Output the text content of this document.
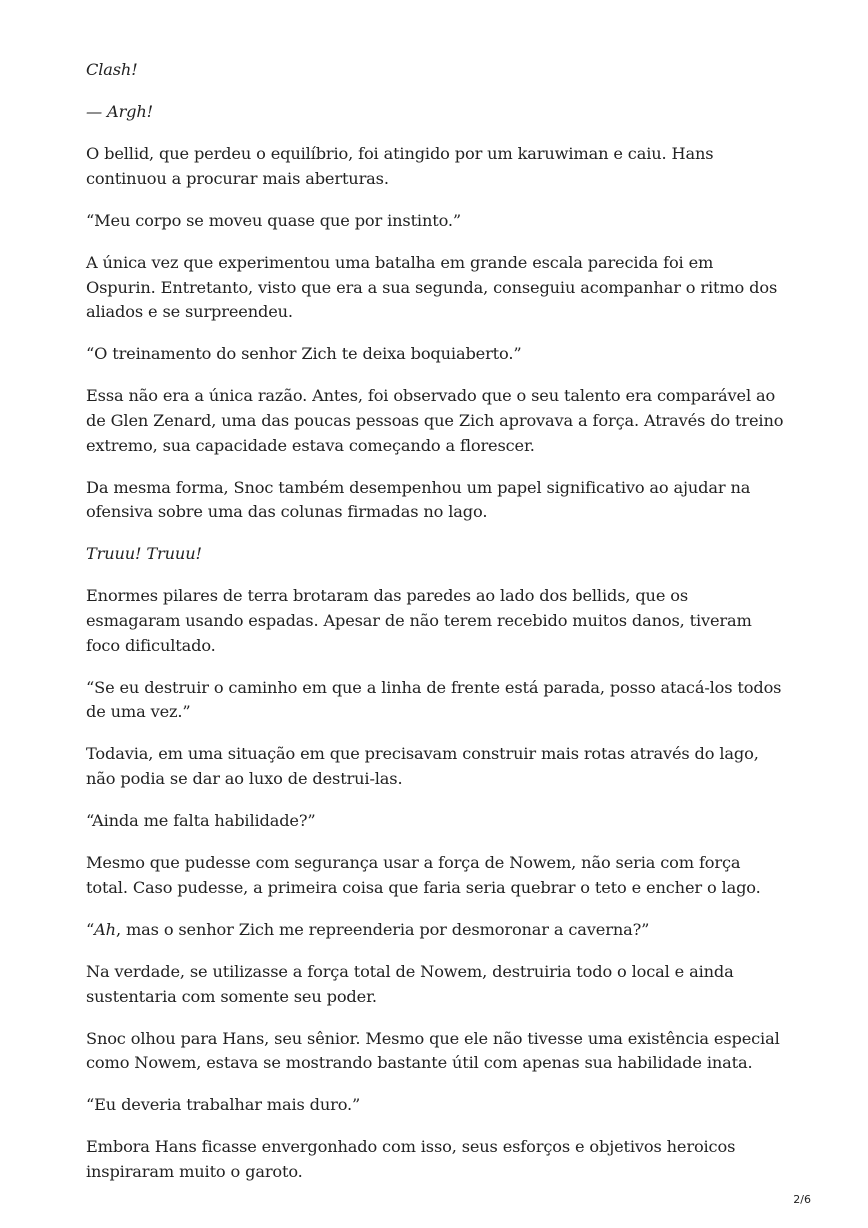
Clash!

— Argh!

O bellid, que perdeu o equilíbrio, foi atingido por um karuwiman e caiu. Hans continuou a procurar mais aberturas.

“Meu corpo se moveu quase que por instinto.”

A única vez que experimentou uma batalha em grande escala parecida foi em Ospurin. Entretanto, visto que era a sua segunda, conseguiu acompanhar o ritmo dos aliados e se surpreendeu.

“O treinamento do senhor Zich te deixa boquiaberto.”

Essa não era a única razão. Antes, foi observado que o seu talento era comparável ao de Glen Zenard, uma das poucas pessoas que Zich aprovava a força. Através do treino extremo, sua capacidade estava começando a florescer.

Da mesma forma, Snoc também desempenhou um papel significativo ao ajudar na ofensiva sobre uma das colunas firmadas no lago.

Truuu! Truuu!

Enormes pilares de terra brotaram das paredes ao lado dos bellids, que os esmagaram usando espadas. Apesar de não terem recebido muitos danos, tiveram foco dificultado.

“Se eu destruir o caminho em que a linha de frente está parada, posso atacá-los todos de uma vez.”

Todavia, em uma situação em que precisavam construir mais rotas através do lago, não podia se dar ao luxo de destrui-las.

“Ainda me falta habilidade?”

Mesmo que pudesse com segurança usar a força de Nowem, não seria com força total. Caso pudesse, a primeira coisa que faria seria quebrar o teto e encher o lago.

“Ah, mas o senhor Zich me repreenderia por desmoronar a caverna?”

Na verdade, se utilizasse a força total de Nowem, destruiria todo o local e ainda sustentaria com somente seu poder.

Snoc olhou para Hans, seu sênior. Mesmo que ele não tivesse uma existência especial como Nowem, estava se mostrando bastante útil com apenas sua habilidade inata.

“Eu deveria trabalhar mais duro.”

Embora Hans ficasse envergonhado com isso, seus esforços e objetivos heroicos inspiraram muito o garoto.

2/6
